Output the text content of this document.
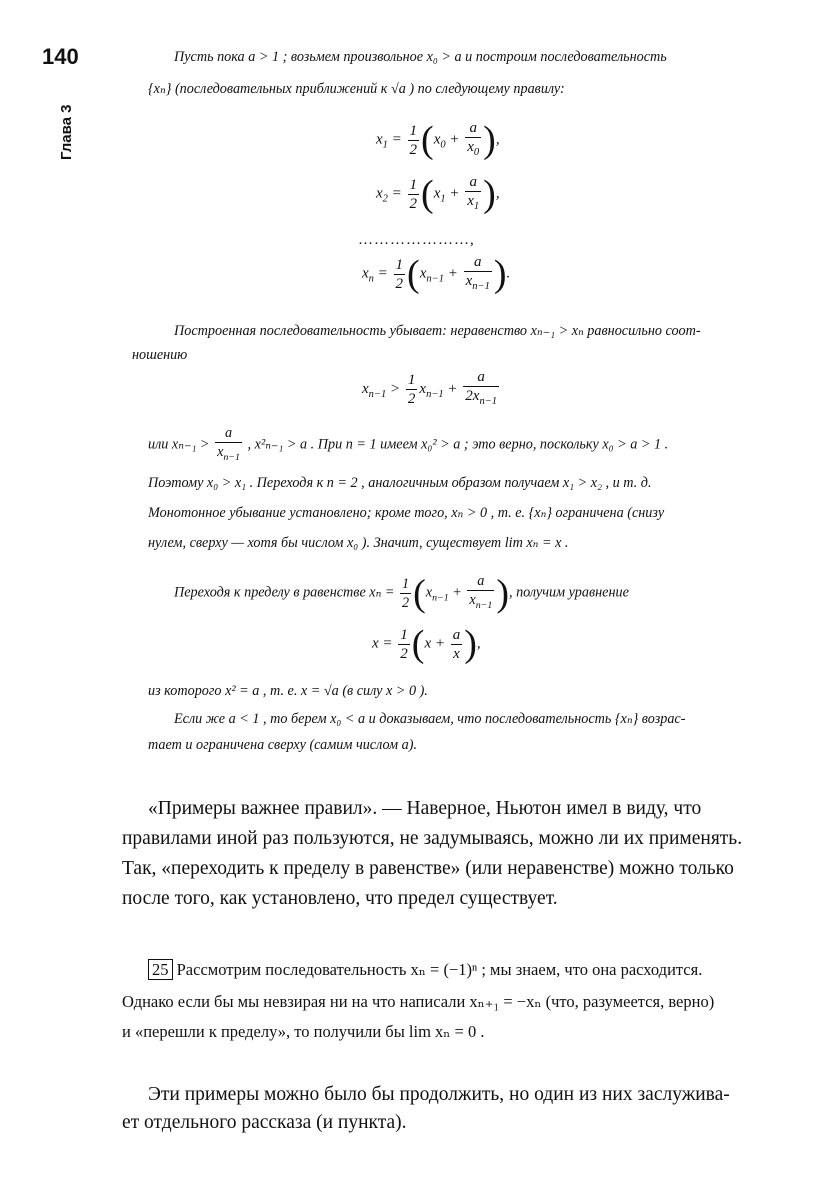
140
Глава 3
Пусть пока a > 1 ; возьмем произвольное x₀ > a и построим последовательность
{xₙ} (последовательных приближений к √a ) по следующему правилу:
$x_1 = \frac{1}{2} (x_0 + \frac{a}{x_0}$ ),
$x_2 = \frac{1}{2} (x_1 + \frac{a}{x_1}$ ),
…………………,
$x_n = \frac{1}{2} (x_{n-1} + \frac{a}{x_{n-1}}$ ).
Построенная последовательность убывает: неравенство xₙ₋₁ > xₙ равносильно соот-
ношению
$x_{n-1} > \frac{1}{2} x_{n-1} + \frac{a}{2x_{n-1}}$
или $x_{n-1} > \frac{a}{x_{n-1}}$ , x²ₙ₋₁ > a . При n = 1 имеем x₀² > a ; это верно, поскольку x₀ > a > 1 .
Поэтому x₀ > x₁ . Переходя к n = 2 , аналогичным образом получаем x₁ > x₂ , и т. д.
Монотонное убывание установлено; кроме того, xₙ > 0 , т. е. {xₙ} ограничена (снизу
нулем, сверху — хотя бы числом x₀ ). Значит, существует lim xₙ = x .
Переходя к пределу в равенстве $x_n = \frac{1}{2} (x_{n-1} + \frac{a}{x_{n-1}}$ ), получим уравнение
$x = \frac{1}{2} (x + \frac{a}{x}$ ),
из которого x² = a , т. е. x = √a (в силу x > 0 ).
Если же a < 1 , то берем x₀ < a и доказываем, что последовательность {xₙ} возрас-
тает и ограничена сверху (самим числом a).
«Примеры важнее правил». — Наверное, Ньютон имел в виду, что
правилами иной раз пользуются, не задумываясь, можно ли их применять.
Так, «переходить к пределу в равенстве» (или неравенстве) можно только
после того, как установлено, что предел существует.
25 Рассмотрим последовательность xₙ = (−1)ⁿ ; мы знаем, что она расходится.
Однако если бы мы невзирая ни на что написали xₙ₊₁ = −xₙ (что, разумеется, верно)
и «перешли к пределу», то получили бы lim xₙ = 0 .
Эти примеры можно было бы продолжить, но один из них заслужива-
ет отдельного рассказа (и пункта).
